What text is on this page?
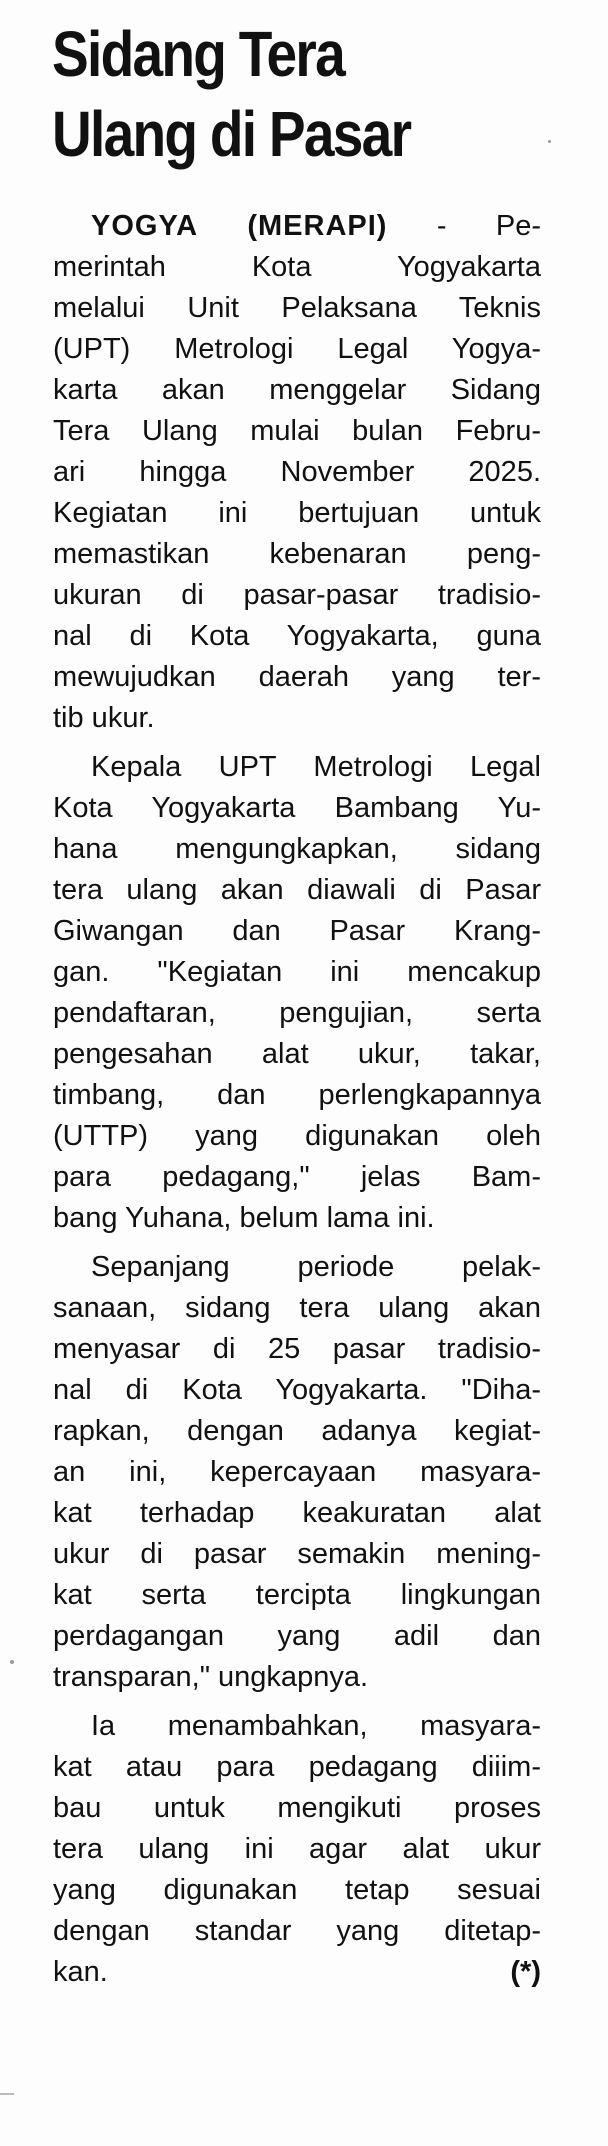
Sidang Tera
Ulang di Pasar

YOGYA (MERAPI) - Pe-
merintah Kota Yogyakarta
melalui Unit Pelaksana Teknis
(UPT) Metrologi Legal Yogya-
karta akan menggelar Sidang
Tera Ulang mulai bulan Febru-
ari hingga November 2025.
Kegiatan ini bertujuan untuk
memastikan kebenaran peng-
ukuran di pasar-pasar tradisio-
nal di Kota Yogyakarta, guna
mewujudkan daerah yang ter-
tib ukur.

Kepala UPT Metrologi Legal
Kota Yogyakarta Bambang Yu-
hana mengungkapkan, sidang
tera ulang akan diawali di Pasar
Giwangan dan Pasar Krang-
gan. "Kegiatan ini mencakup
pendaftaran, pengujian, serta
pengesahan alat ukur, takar,
timbang, dan perlengkapannya
(UTTP) yang digunakan oleh
para pedagang," jelas Bam-
bang Yuhana, belum lama ini.

Sepanjang periode pelak-
sanaan, sidang tera ulang akan
menyasar di 25 pasar tradisio-
nal di Kota Yogyakarta. "Diha-
rapkan, dengan adanya kegiat-
an ini, kepercayaan masyara-
kat terhadap keakuratan alat
ukur di pasar semakin mening-
kat serta tercipta lingkungan
perdagangan yang adil dan
transparan," ungkapnya.

Ia menambahkan, masyara-
kat atau para pedagang diiim-
bau untuk mengikuti proses
tera ulang ini agar alat ukur
yang digunakan tetap sesuai
dengan standar yang ditetap-
kan.	(*)
